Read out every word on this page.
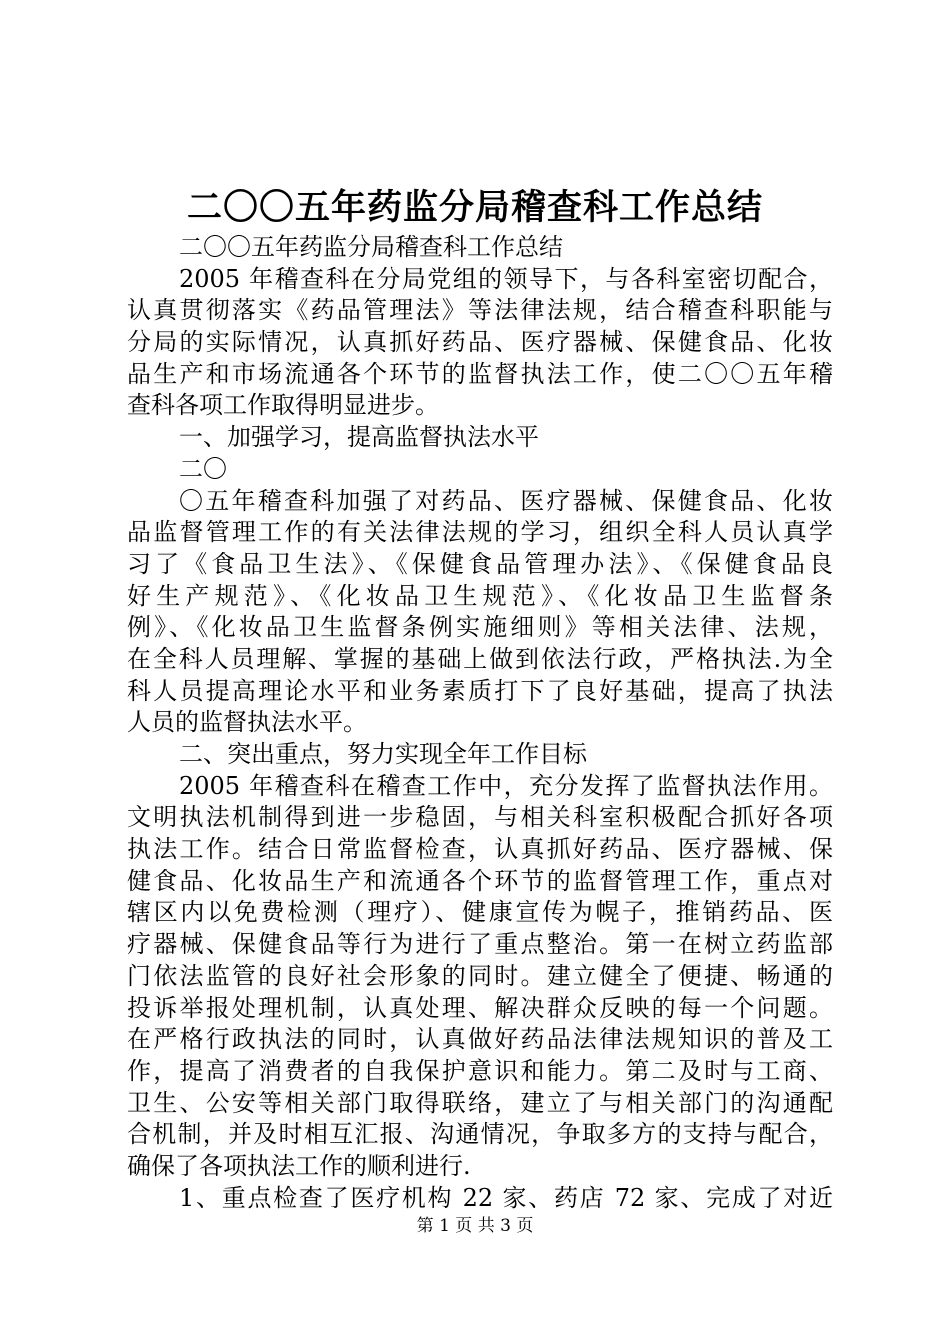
二〇〇五年药监分局稽查科工作总结
二〇〇五年药监分局稽查科工作总结
2005 年稽查科在分局党组的领导下，与各科室密切配合，
认真贯彻落实《药品管理法》等法律法规，结合稽查科职能与
分局的实际情况，认真抓好药品、医疗器械、保健食品、化妆
品生产和市场流通各个环节的监督执法工作，使二〇〇五年稽
查科各项工作取得明显进步。
一、加强学习，提高监督执法水平
二〇
〇五年稽查科加强了对药品、医疗器械、保健食品、化妆
品监督管理工作的有关法律法规的学习，组织全科人员认真学
习了《食品卫生法》、《保健食品管理办法》、《保健食品良
好生产规范》、《化妆品卫生规范》、《化妆品卫生监督条
例》、《化妆品卫生监督条例实施细则》等相关法律、法规，
在全科人员理解、掌握的基础上做到依法行政，严格执法.为全
科人员提高理论水平和业务素质打下了良好基础，提高了执法
人员的监督执法水平。
二、突出重点，努力实现全年工作目标
2005 年稽查科在稽查工作中，充分发挥了监督执法作用。
文明执法机制得到进一步稳固，与相关科室积极配合抓好各项
执法工作。结合日常监督检查，认真抓好药品、医疗器械、保
健食品、化妆品生产和流通各个环节的监督管理工作，重点对
辖区内以免费检测（理疗）、健康宣传为幌子，推销药品、医
疗器械、保健食品等行为进行了重点整治。第一在树立药监部
门依法监管的良好社会形象的同时。建立健全了便捷、畅通的
投诉举报处理机制，认真处理、解决群众反映的每一个问题。
在严格行政执法的同时，认真做好药品法律法规知识的普及工
作，提高了消费者的自我保护意识和能力。第二及时与工商、
卫生、公安等相关部门取得联络，建立了与相关部门的沟通配
合机制，并及时相互汇报、沟通情况，争取多方的支持与配合，
确保了各项执法工作的顺利进行.
1、重点检查了医疗机构 22 家、药店 72 家、完成了对近
第 1 页 共 3 页
